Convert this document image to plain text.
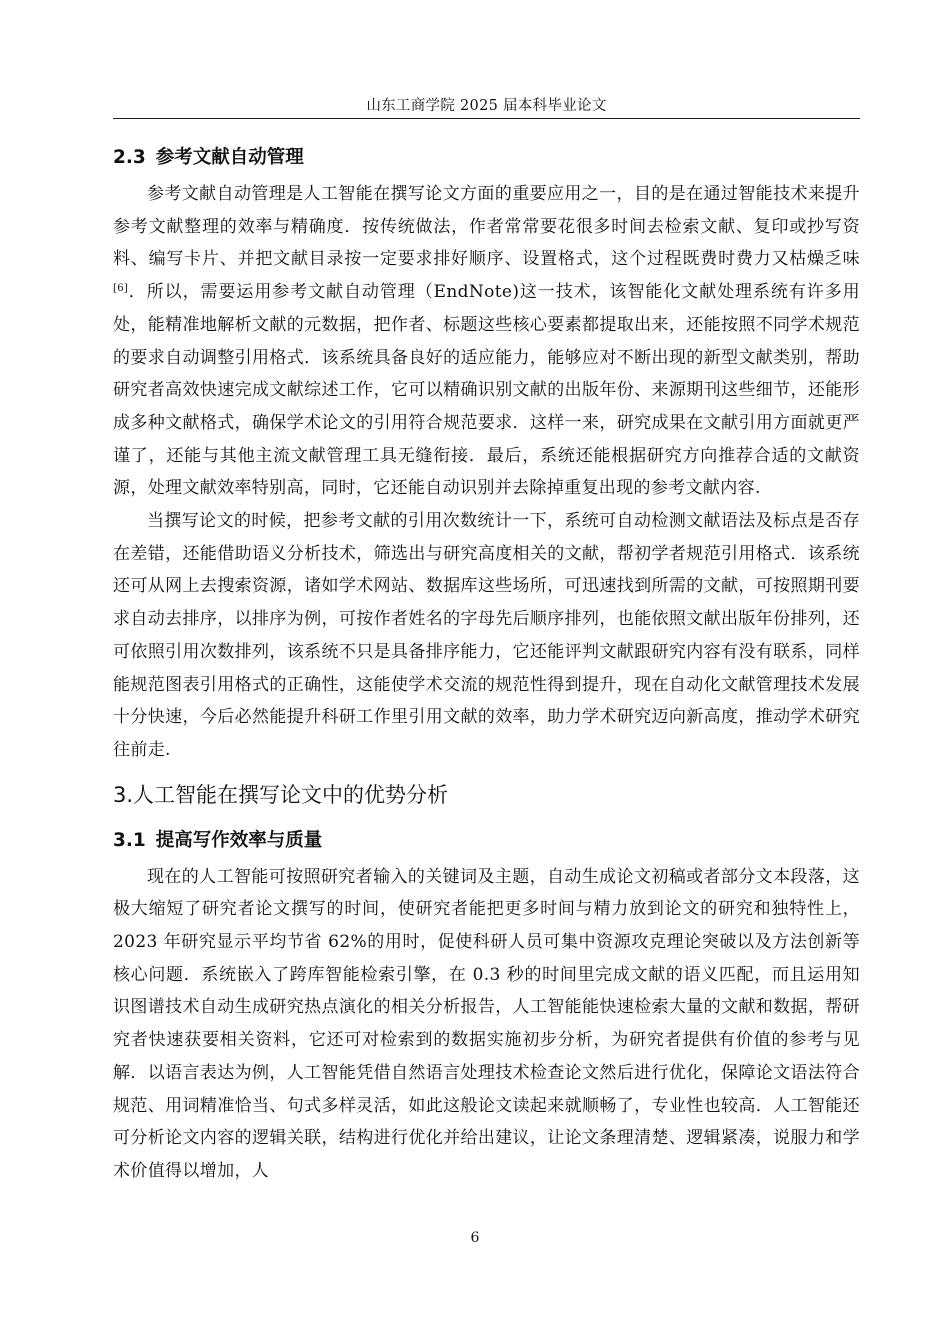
山东工商学院 2025 届本科毕业论文
2.3 参考文献自动管理

参考文献自动管理是人工智能在撰写论文方面的重要应用之一，目的是在通过智能技术来提升参考文献整理的效率与精确度．按传统做法，作者常常要花很多时间去检索文献、复印或抄写资料、编写卡片、并把文献目录按一定要求排好顺序、设置格式，这个过程既费时费力又枯燥乏味[6]．所以，需要运用参考文献自动管理（EndNote)这一技术，该智能化文献处理系统有许多用处，能精准地解析文献的元数据，把作者、标题这些核心要素都提取出来，还能按照不同学术规范的要求自动调整引用格式．该系统具备良好的适应能力，能够应对不断出现的新型文献类别，帮助研究者高效快速完成文献综述工作，它可以精确识别文献的出版年份、来源期刊这些细节，还能形成多种文献格式，确保学术论文的引用符合规范要求．这样一来，研究成果在文献引用方面就更严谨了，还能与其他主流文献管理工具无缝衔接．最后，系统还能根据研究方向推荐合适的文献资源，处理文献效率特别高，同时，它还能自动识别并去除掉重复出现的参考文献内容.

当撰写论文的时候，把参考文献的引用次数统计一下，系统可自动检测文献语法及标点是否存在差错，还能借助语义分析技术，筛选出与研究高度相关的文献，帮初学者规范引用格式．该系统还可从网上去搜索资源，诸如学术网站、数据库这些场所，可迅速找到所需的文献，可按照期刊要求自动去排序，以排序为例，可按作者姓名的字母先后顺序排列，也能依照文献出版年份排列，还可依照引用次数排列，该系统不只是具备排序能力，它还能评判文献跟研究内容有没有联系，同样能规范图表引用格式的正确性，这能使学术交流的规范性得到提升，现在自动化文献管理技术发展十分快速，今后必然能提升科研工作里引用文献的效率，助力学术研究迈向新高度，推动学术研究往前走.

3.人工智能在撰写论文中的优势分析
3.1 提高写作效率与质量

现在的人工智能可按照研究者输入的关键词及主题，自动生成论文初稿或者部分文本段落，这极大缩短了研究者论文撰写的时间，使研究者能把更多时间与精力放到论文的研究和独特性上，2023 年研究显示平均节省 62%的用时，促使科研人员可集中资源攻克理论突破以及方法创新等核心问题．系统嵌入了跨库智能检索引擎，在 0.3 秒的时间里完成文献的语义匹配，而且运用知识图谱技术自动生成研究热点演化的相关分析报告，人工智能能快速检索大量的文献和数据，帮研究者快速获要相关资料，它还可对检索到的数据实施初步分析，为研究者提供有价值的参考与见解．以语言表达为例，人工智能凭借自然语言处理技术检查论文然后进行优化，保障论文语法符合规范、用词精准恰当、句式多样灵活，如此这般论文读起来就顺畅了，专业性也较高．人工智能还可分析论文内容的逻辑关联，结构进行优化并给出建议，让论文条理清楚、逻辑紧凑，说服力和学术价值得以增加，人

6
